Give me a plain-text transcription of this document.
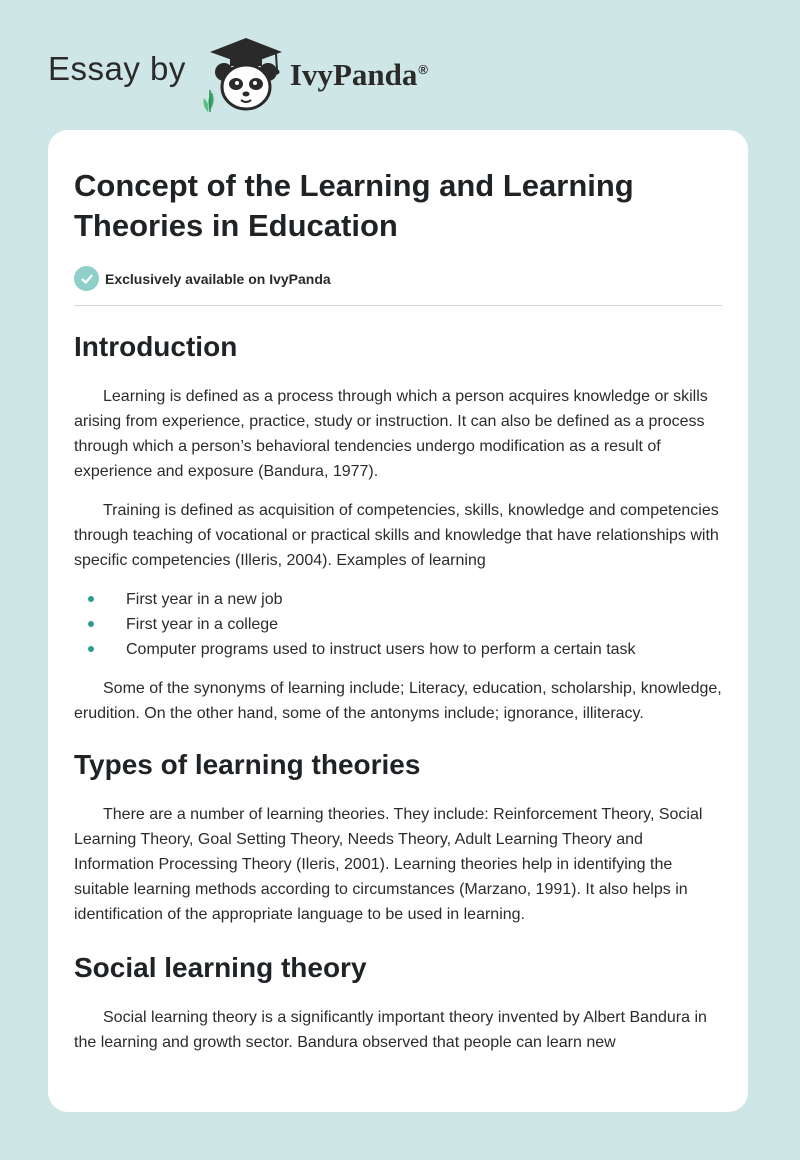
Essay by	IvyPanda®
Concept of the Learning and Learning Theories in Education
Exclusively available on IvyPanda
Introduction

Learning is defined as a process through which a person acquires knowledge or skills arising from experience, practice, study or instruction. It can also be defined as a process through which a person’s behavioral tendencies undergo modification as a result of experience and exposure (Bandura, 1977).

Training is defined as acquisition of competencies, skills, knowledge and competencies through teaching of vocational or practical skills and knowledge that have relationships with specific competencies (Illeris, 2004). Examples of learning

First year in a new job
First year in a college
Computer programs used to instruct users how to perform a certain task

Some of the synonyms of learning include; Literacy, education, scholarship, knowledge, erudition. On the other hand, some of the antonyms include; ignorance, illiteracy.

Types of learning theories

There are a number of learning theories. They include: Reinforcement Theory, Social Learning Theory, Goal Setting Theory, Needs Theory, Adult Learning Theory and Information Processing Theory (Ileris, 2001). Learning theories help in identifying the suitable learning methods according to circumstances (Marzano, 1991). It also helps in identification of the appropriate language to be used in learning.

Social learning theory

Social learning theory is a significantly important theory invented by Albert Bandura in the learning and growth sector. Bandura observed that people can learn new
